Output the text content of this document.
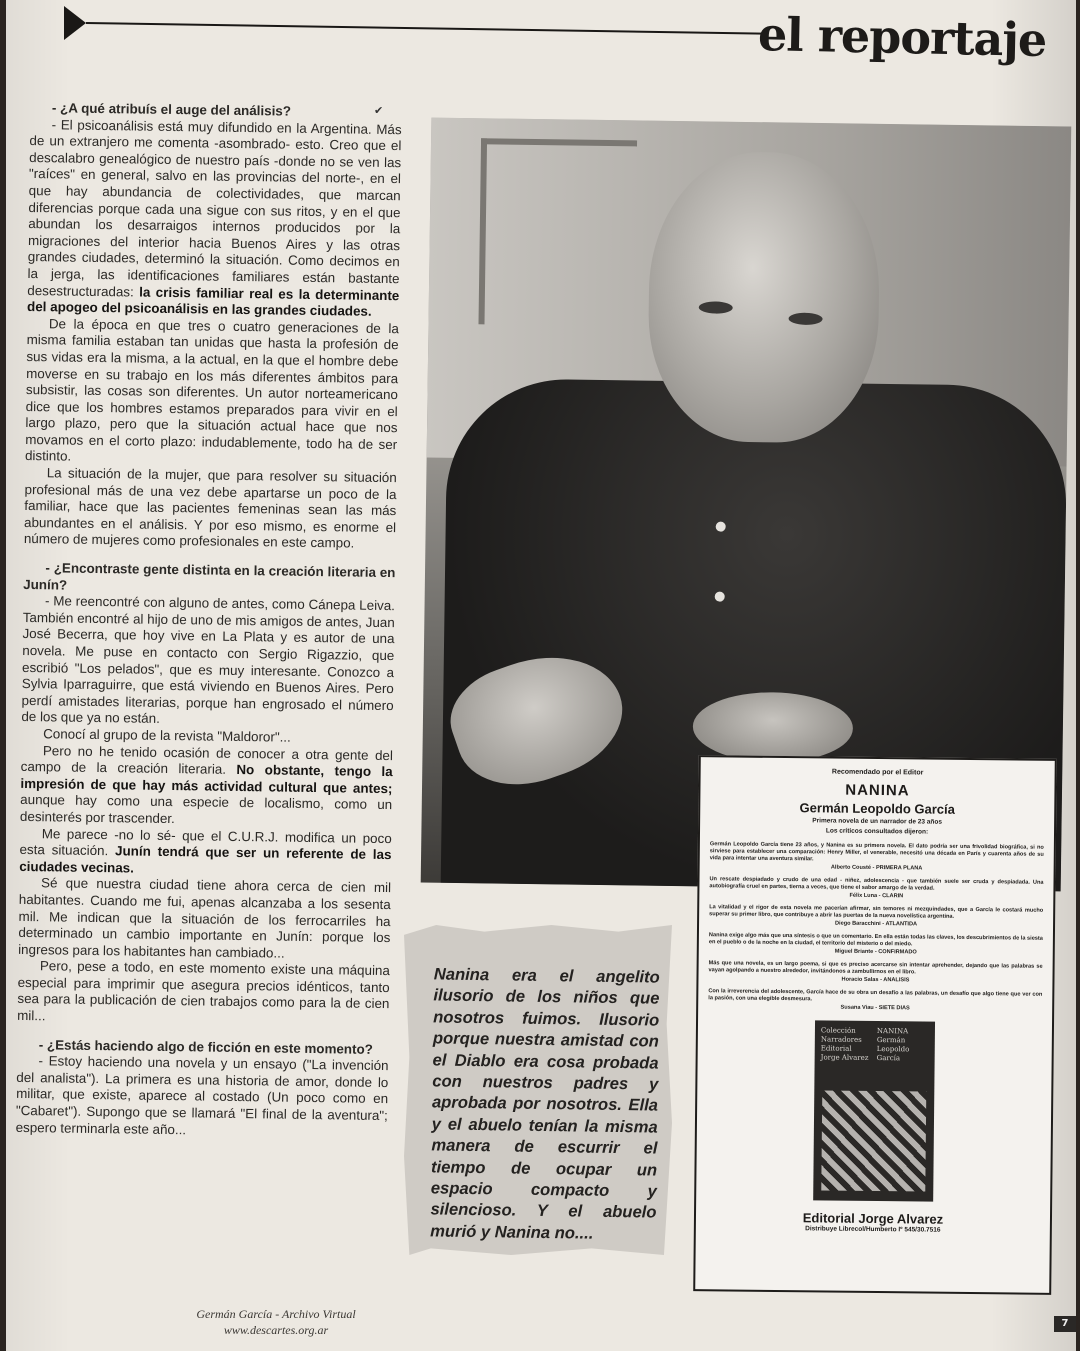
el reportaje
✔

- ¿A qué atribuís el auge del análisis?

- El psicoanálisis está muy difundido en la Argentina. Más de un extranjero me comenta -asombrado- esto. Creo que el descalabro genealógico de nuestro país -donde no se ven las "raíces" en general, salvo en las provincias del norte-, en el que hay abundancia de colectividades, que marcan diferencias porque cada una sigue con sus ritos, y en el que abundan los desarraigos internos producidos por la migraciones del interior hacia Buenos Aires y las otras grandes ciudades, determinó la situación. Como decimos en la jerga, las identificaciones familiares están bastante desestructuradas: la crisis familiar real es la determinante del apogeo del psicoanálisis en las grandes ciudades.

De la época en que tres o cuatro generaciones de la misma familia estaban tan unidas que hasta la profesión de sus vidas era la misma, a la actual, en la que el hombre debe moverse en su trabajo en los más diferentes ámbitos para subsistir, las cosas son diferentes. Un autor norteamericano dice que los hombres estamos preparados para vivir en el largo plazo, pero que la situación actual hace que nos movamos en el corto plazo: indudablemente, todo ha de ser distinto.

La situación de la mujer, que para resolver su situación profesional más de una vez debe apartarse un poco de la familiar, hace que las pacientes femeninas sean las más abundantes en el análisis. Y por eso mismo, es enorme el número de mujeres como profesionales en este campo.

- ¿Encontraste gente distinta en la creación literaria en Junín?

- Me reencontré con alguno de antes, como Cánepa Leiva. También encontré al hijo de uno de mis amigos de antes, Juan José Becerra, que hoy vive en La Plata y es autor de una novela. Me puse en contacto con Sergio Rigazzio, que escribió "Los pelados", que es muy interesante. Conozco a Sylvia Iparraguirre, que está viviendo en Buenos Aires. Pero perdí amistades literarias, porque han engrosado el número de los que ya no están.

Conocí al grupo de la revista "Maldoror"...

Pero no he tenido ocasión de conocer a otra gente del campo de la creación literaria. No obstante, tengo la impresión de que hay más actividad cultural que antes; aunque hay como una especie de localismo, como un desinterés por trascender.

Me parece -no lo sé- que el C.U.R.J. modifica un poco esta situación. Junín tendrá que ser un referente de las ciudades vecinas.

Sé que nuestra ciudad tiene ahora cerca de cien mil habitantes. Cuando me fui, apenas alcanzaba a los sesenta mil. Me indican que la situación de los ferrocarriles ha determinado un cambio importante en Junín: porque los ingresos para los habitantes han cambiado...

Pero, pese a todo, en este momento existe una máquina especial para imprimir que asegura precios idénticos, tanto sea para la publicación de cien trabajos como para la de cien mil...

- ¿Estás haciendo algo de ficción en este momento?

- Estoy haciendo una novela y un ensayo ("La invención del analista"). La primera es una historia de amor, donde lo militar, que existe, aparece al costado (Un poco como en "Cabaret"). Supongo que se llamará "El final de la aventura"; espero terminarla este año...

Nanina era el angelito ilusorio de los niños que nosotros fuimos. Ilusorio porque nuestra amistad con el Diablo era cosa probada con nuestros padres y aprobada por nosotros. Ella y el abuelo tenían la misma manera de escurrir el tiempo de ocupar un espacio compacto y silencioso. Y el abuelo murió y Nanina no....
Recomendado por el Editor
NANINA
Germán Leopoldo García
Primera novela de un narrador de 23 años
Los críticos consultados dijeron:
Germán Leopoldo García tiene 23 años, y Nanina es su primera novela. El dato podría ser una frivolidad biográfica, si no sirviese para establecer una comparación: Henry Miller, el venerable, necesitó una década en París y cuarenta años de su vida para intentar una aventura similar.
Alberto Cousté - PRIMERA PLANA
Un rescate despiadado y crudo de una edad - niñez, adolescencia - que también suele ser cruda y despiadada. Una autobiografía cruel en partes, tierna a veces, que tiene el sabor amargo de la verdad.
Félix Luna - CLARIN
La vitalidad y el rigor de esta novela me pacerían afirmar, sin temores ni mezquindades, que a García le costará mucho superar su primer libro, que contribuye a abrir las puertas de la nueva novelística argentina.
Diego Baracchini - ATLANTIDA
Nanina exige algo más que una síntesis o que un comentario. En ella están todas las claves, los descubrimientos de la siesta en el pueblo o de la noche en la ciudad, el territorio del misterio o del miedo.
Miguel Briante - CONFIRMADO
Más que una novela, es un largo poema, si que es preciso acercarse sin intentar aprehender, dejando que las palabras se vayan agolpando a nuestro alrededor, invitándonos a zambullirnos en el libro.
Horacio Salas - ANALISIS
Con la irreverencia del adolescente, García hace de su obra un desafío a las palabras, un desafío que algo tiene que ver con la pasión, con una elegible desmesura.
Susana Viau - SIETE DIAS
Colección Narradores Editorial Jorge Alvarez
NANINA Germán Leopoldo García
Editorial Jorge Alvarez
Distribuye Librecol/Humberto Iº 545/30.7516
Germán García - Archivo Virtual
www.descartes.org.ar	7
